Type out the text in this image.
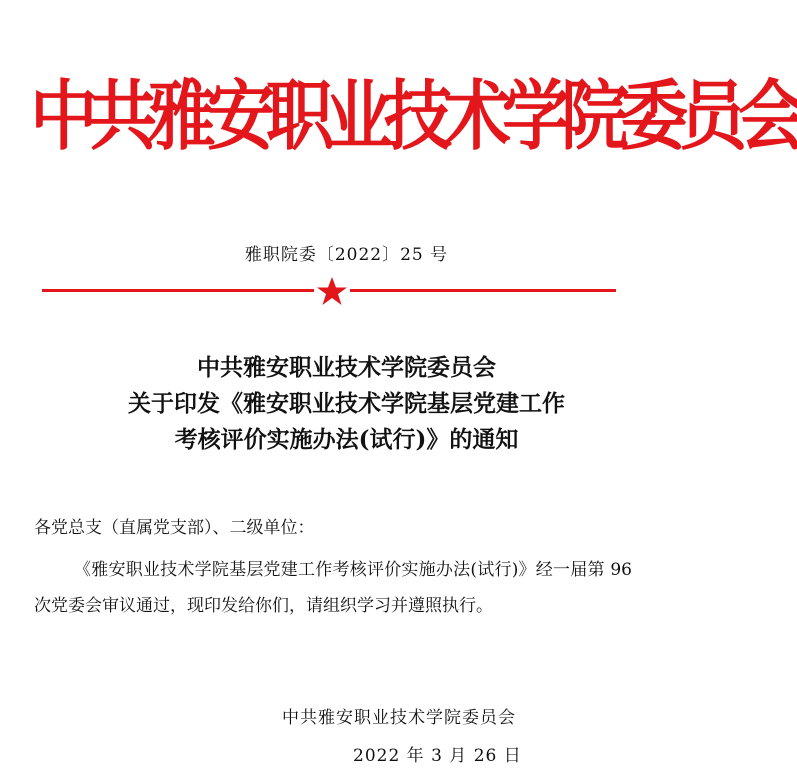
中共雅安职业技术学院委员会
雅职院委〔2022〕25 号
中共雅安职业技术学院委员会
关于印发《雅安职业技术学院基层党建工作
考核评价实施办法(试行)》的通知
各党总支（直属党支部）、二级单位：

《雅安职业技术学院基层党建工作考核评价实施办法(试行)》经一届第 96 次党委会审议通过，现印发给你们，请组织学习并遵照执行。

中共雅安职业技术学院委员会
2022 年 3 月 26 日
